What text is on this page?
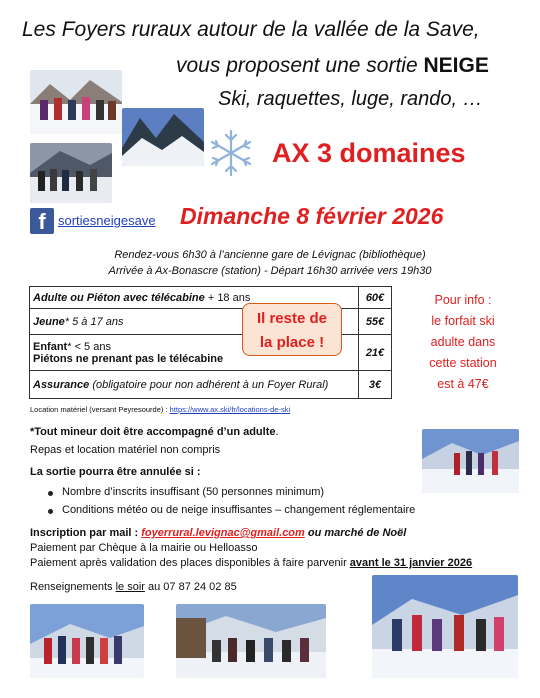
Les Foyers ruraux autour de la vallée de la Save,
vous proposent une sortie NEIGE
Ski, raquettes, luge, rando, …
AX 3 domaines
f sortiesneigesave Dimanche 8 février 2026
Rendez-vous 6h30 à l’ancienne gare de Lévignac (bibliothèque)
Arrivée à Ax-Bonascre (station) - Départ 16h30 arrivée vers 19h30
Adulte ou Piéton avec télécabine + 18 ans	60€
Jeune* 5 à 17 ans	55€
Enfant* < 5 ans
Piétons ne prenant pas le télécabine	21€
Assurance (obligatoire pour non adhérent à un Foyer Rural)	3€
Il reste de
la place !
Pour info :
le forfait ski
adulte dans
cette station
est à 47€
Location matériel (versant Peyresourde) : https://www.ax.ski/fr/locations-de-ski
*Tout mineur doit être accompagné d’un adulte.
Repas et location matériel non compris
La sortie pourra être annulée si :
Nombre d’inscrits insuffisant (50 personnes minimum)
Conditions météo ou de neige insuffisantes – changement réglementaire
Inscription par mail : foyerrural.levignac@gmail.com ou marché de Noël
Paiement par Chèque à la mairie ou Helloasso
Paiement après validation des places disponibles à faire parvenir avant le 31 janvier 2026
Renseignements le soir au 07 87 24 02 85
